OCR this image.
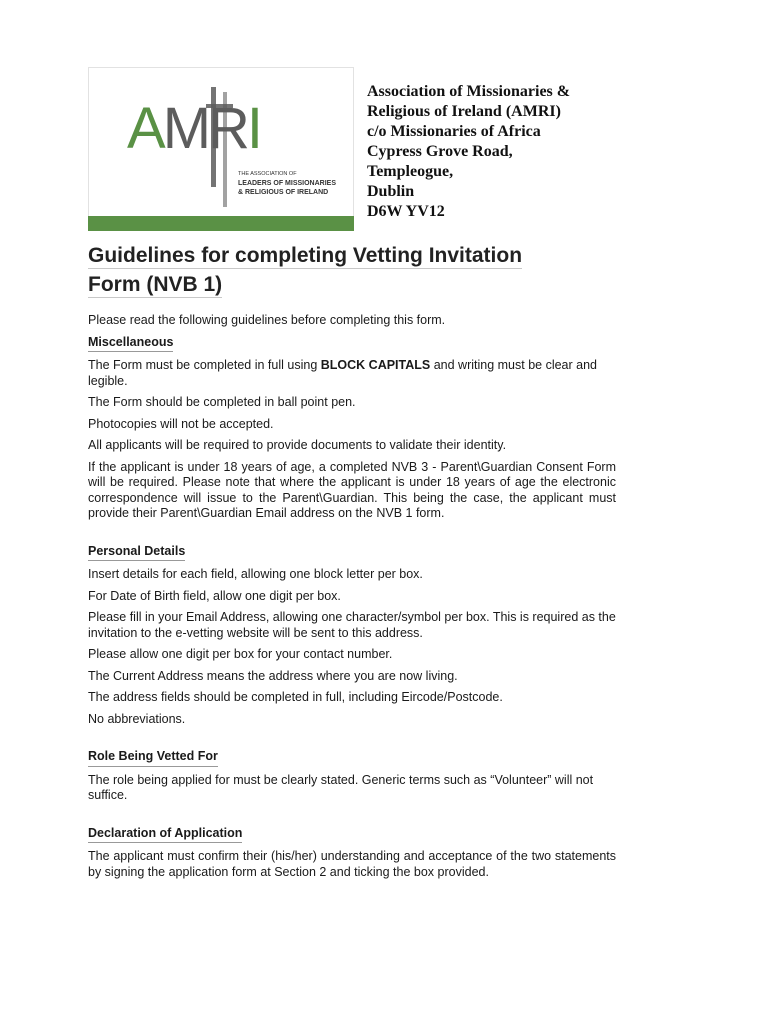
AMRI
THE ASSOCIATION OF
LEADERS OF MISSIONARIES
& RELIGIOUS OF IRELAND
Association of Missionaries &
Religious of Ireland (AMRI)
c/o Missionaries of Africa
Cypress Grove Road,
Templeogue,
Dublin
D6W YV12
Guidelines for completing Vetting Invitation
Form (NVB 1)

Please read the following guidelines before completing this form.

Miscellaneous

The Form must be completed in full using BLOCK CAPITALS and writing must be clear and legible.

The Form should be completed in ball point pen.

Photocopies will not be accepted.

All applicants will be required to provide documents to validate their identity.

If the applicant is under 18 years of age, a completed NVB 3 - Parent\Guardian Consent Form will be required. Please note that where the applicant is under 18 years of age the electronic correspondence will issue to the Parent\Guardian. This being the case, the applicant must provide their Parent\Guardian Email address on the NVB 1 form.

Personal Details

Insert details for each field, allowing one block letter per box.

For Date of Birth field, allow one digit per box.

Please fill in your Email Address, allowing one character/symbol per box. This is required as the invitation to the e-vetting website will be sent to this address.

Please allow one digit per box for your contact number.

The Current Address means the address where you are now living.

The address fields should be completed in full, including Eircode/Postcode.

No abbreviations.

Role Being Vetted For

The role being applied for must be clearly stated. Generic terms such as “Volunteer” will not suffice.

Declaration of Application

The applicant must confirm their (his/her) understanding and acceptance of the two statements by signing the application form at Section 2 and ticking the box provided.
